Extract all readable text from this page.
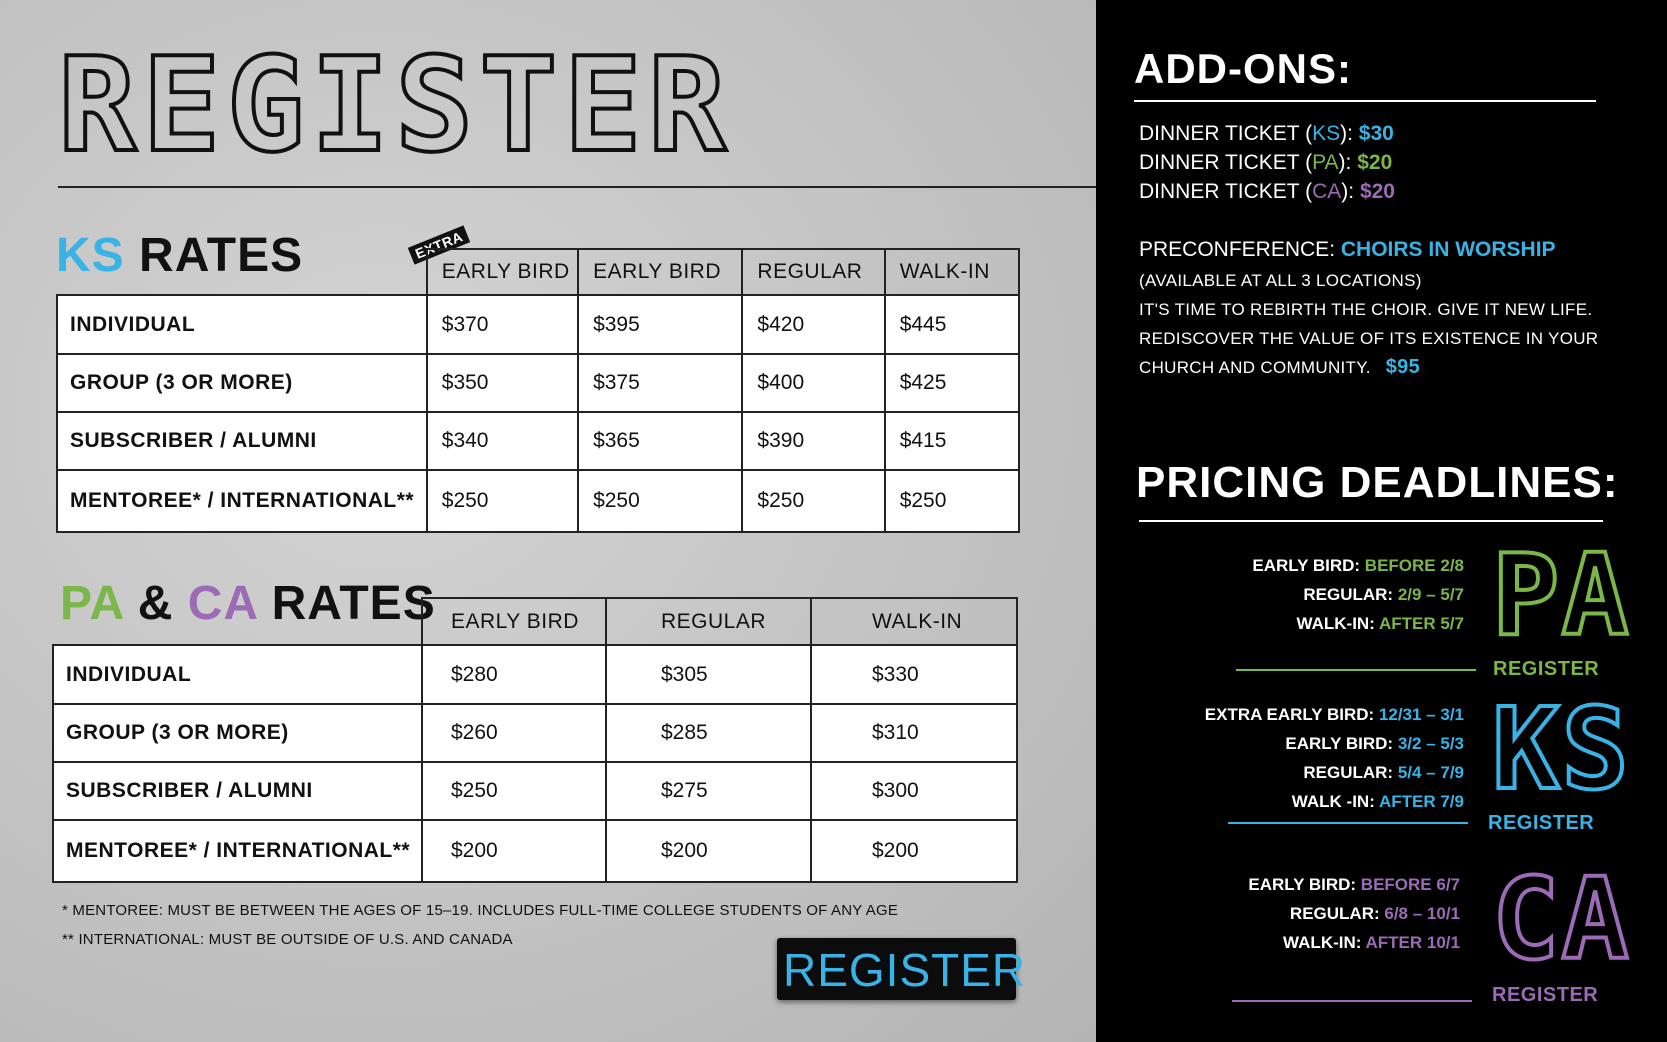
REGISTER
KS RATES	EXTRA
	EARLY BIRD	EARLY BIRD	REGULAR	WALK-IN
INDIVIDUAL	$370	$395	$420	$445
GROUP (3 OR MORE)	$350	$375	$400	$425
SUBSCRIBER / ALUMNI	$340	$365	$390	$415
MENTOREE* / INTERNATIONAL**	$250	$250	$250	$250
PA & CA RATES
	EARLY BIRD	REGULAR	WALK-IN
INDIVIDUAL	$280	$305	$330
GROUP (3 OR MORE)	$260	$285	$310
SUBSCRIBER / ALUMNI	$250	$275	$300
MENTOREE* / INTERNATIONAL**	$200	$200	$200
* MENTOREE: MUST BE BETWEEN THE AGES OF 15–19. INCLUDES FULL-TIME COLLEGE STUDENTS OF ANY AGE
** INTERNATIONAL: MUST BE OUTSIDE OF U.S. AND CANADA
REGISTER
ADD-ONS:
DINNER TICKET (KS): $30
DINNER TICKET (PA): $20
DINNER TICKET (CA): $20
PRECONFERENCE: CHOIRS IN WORSHIP
(AVAILABLE AT ALL 3 LOCATIONS)
IT'S TIME TO REBIRTH THE CHOIR. GIVE IT NEW LIFE.
REDISCOVER THE VALUE OF ITS EXISTENCE IN YOUR
CHURCH AND COMMUNITY. $95
PRICING DEADLINES:
EARLY BIRD: BEFORE 2/8
REGULAR: 2/9 – 5/7
WALK-IN: AFTER 5/7 PA
REGISTER
EXTRA EARLY BIRD: 12/31 – 3/1
EARLY BIRD: 3/2 – 5/3
REGULAR: 5/4 – 7/9
WALK -IN: AFTER 7/9 KS
REGISTER
EARLY BIRD: BEFORE 6/7
REGULAR: 6/8 – 10/1
WALK-IN: AFTER 10/1 CA
REGISTER
